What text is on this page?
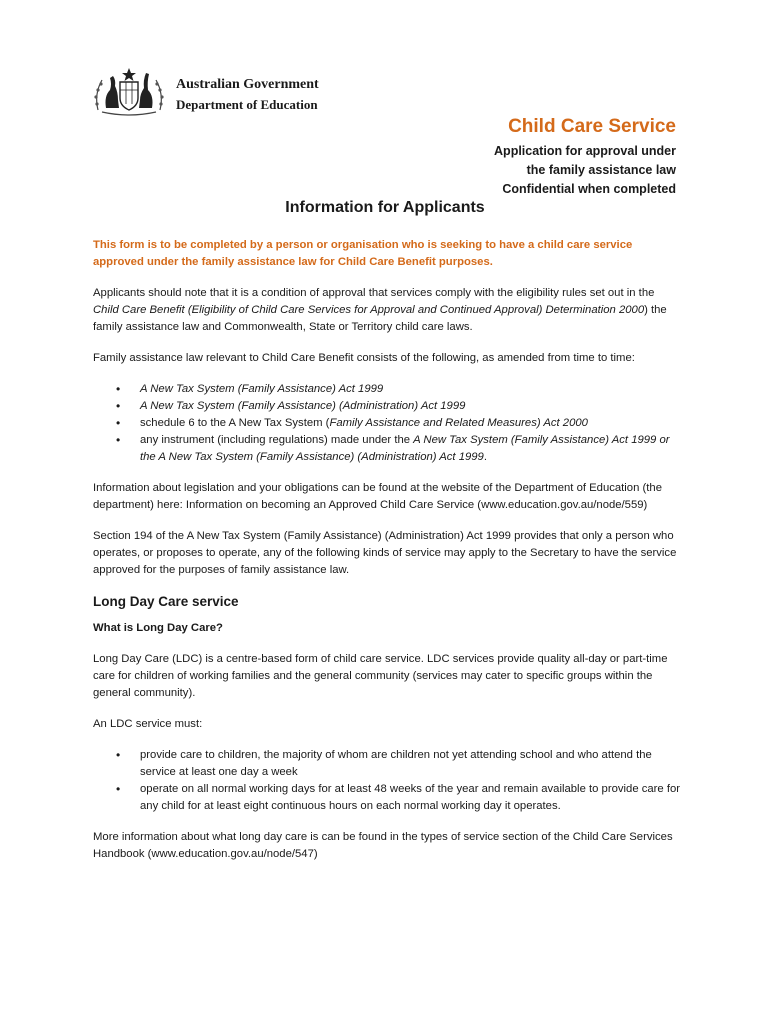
Australian Government
Department of Education
Child Care Service
Application for approval under
the family assistance law
Confidential when completed
Information for Applicants

This form is to be completed by a person or organisation who is seeking to have a child care service approved under the family assistance law for Child Care Benefit purposes.

Applicants should note that it is a condition of approval that services comply with the eligibility rules set out in the Child Care Benefit (Eligibility of Child Care Services for Approval and Continued Approval) Determination 2000) the family assistance law and Commonwealth, State or Territory child care laws.

Family assistance law relevant to Child Care Benefit consists of the following, as amended from time to time:

• A New Tax System (Family Assistance) Act 1999
• A New Tax System (Family Assistance) (Administration) Act 1999
• schedule 6 to the A New Tax System (Family Assistance and Related Measures) Act 2000
• any instrument (including regulations) made under the A New Tax System (Family Assistance) Act 1999 or the A New Tax System (Family Assistance) (Administration) Act 1999.

Information about legislation and your obligations can be found at the website of the Department of Education (the department) here: Information on becoming an Approved Child Care Service (www.education.gov.au/node/559)

Section 194 of the A New Tax System (Family Assistance) (Administration) Act 1999 provides that only a person who operates, or proposes to operate, any of the following kinds of service may apply to the Secretary to have the service approved for the purposes of family assistance law.

Long Day Care service

What is Long Day Care?

Long Day Care (LDC) is a centre-based form of child care service. LDC services provide quality all-day or part-time care for children of working families and the general community (services may cater to specific groups within the general community).

An LDC service must:

• provide care to children, the majority of whom are children not yet attending school and who attend the service at least one day a week
• operate on all normal working days for at least 48 weeks of the year and remain available to provide care for any child for at least eight continuous hours on each normal working day it operates.

More information about what long day care is can be found in the types of service section of the Child Care Services Handbook (www.education.gov.au/node/547)
